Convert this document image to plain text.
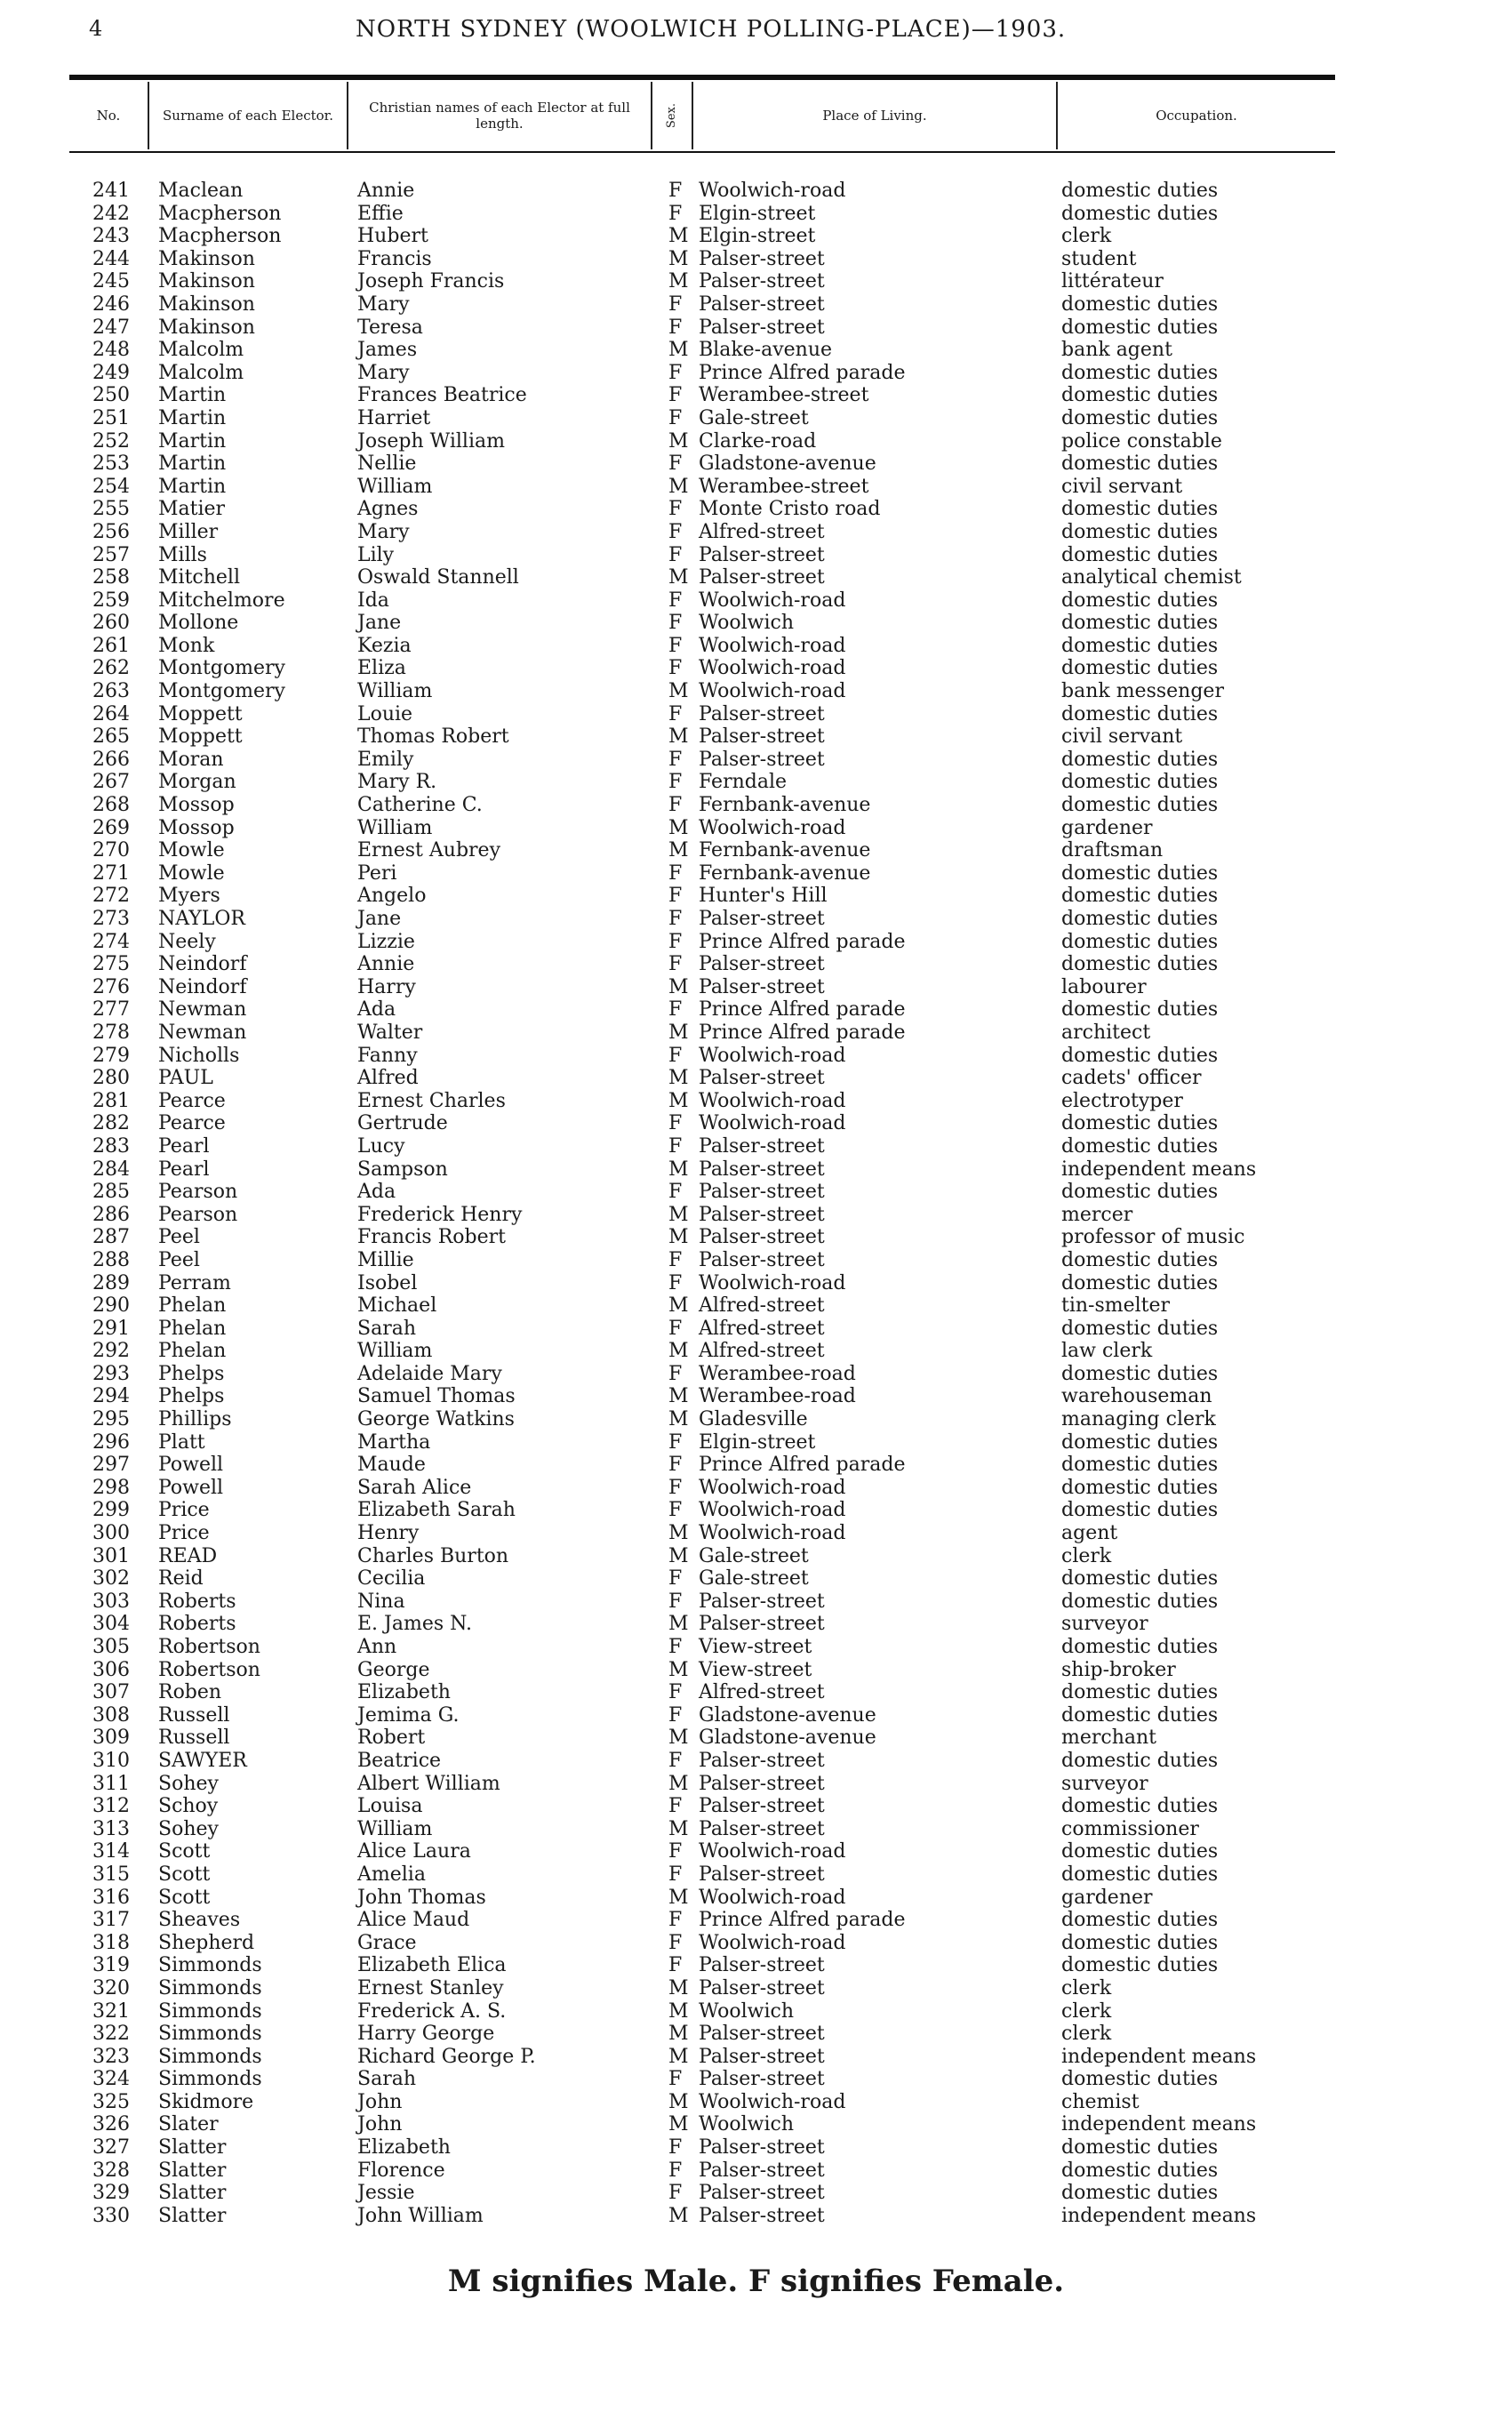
4	NORTH SYDNEY (WOOLWICH POLLING-PLACE)—1903.
No.	Surname of each Elector.	Christian names of each Elector at full length.	Sex.	Place of Living.	Occupation.
241 Maclean	Annie	F Woolwich-road	domestic duties
242 Macpherson	Effie	F Elgin-street	domestic duties
243 Macpherson	Hubert	M Elgin-street	clerk
244 Makinson	Francis	M Palser-street	student
245 Makinson	Joseph Francis	M Palser-street	littérateur
246 Makinson	Mary	F Palser-street	domestic duties
247 Makinson	Teresa	F Palser-street	domestic duties
248 Malcolm	James	M Blake-avenue	bank agent
249 Malcolm	Mary	F Prince Alfred parade	domestic duties
250 Martin	Frances Beatrice	F Werambee-street	domestic duties
251 Martin	Harriet	F Gale-street	domestic duties
252 Martin	Joseph William	M Clarke-road	police constable
253 Martin	Nellie	F Gladstone-avenue	domestic duties
254 Martin	William	M Werambee-street	civil servant
255 Matier	Agnes	F Monte Cristo road	domestic duties
256 Miller	Mary	F Alfred-street	domestic duties
257 Mills	Lily	F Palser-street	domestic duties
258 Mitchell	Oswald Stannell	M Palser-street	analytical chemist
259 Mitchelmore	Ida	F Woolwich-road	domestic duties
260 Mollone	Jane	F Woolwich	domestic duties
261 Monk	Kezia	F Woolwich-road	domestic duties
262 Montgomery	Eliza	F Woolwich-road	domestic duties
263 Montgomery	William	M Woolwich-road	bank messenger
264 Moppett	Louie	F Palser-street	domestic duties
265 Moppett	Thomas Robert	M Palser-street	civil servant
266 Moran	Emily	F Palser-street	domestic duties
267 Morgan	Mary R.	F Ferndale	domestic duties
268 Mossop	Catherine C.	F Fernbank-avenue	domestic duties
269 Mossop	William	M Woolwich-road	gardener
270 Mowle	Ernest Aubrey	M Fernbank-avenue	draftsman
271 Mowle	Peri	F Fernbank-avenue	domestic duties
272 Myers	Angelo	F Hunter's Hill	domestic duties
273 NAYLOR	Jane	F Palser-street	domestic duties
274 Neely	Lizzie	F Prince Alfred parade	domestic duties
275 Neindorf	Annie	F Palser-street	domestic duties
276 Neindorf	Harry	M Palser-street	labourer
277 Newman	Ada	F Prince Alfred parade	domestic duties
278 Newman	Walter	M Prince Alfred parade	architect
279 Nicholls	Fanny	F Woolwich-road	domestic duties
280 PAUL	Alfred	M Palser-street	cadets' officer
281 Pearce	Ernest Charles	M Woolwich-road	electrotyper
282 Pearce	Gertrude	F Woolwich-road	domestic duties
283 Pearl	Lucy	F Palser-street	domestic duties
284 Pearl	Sampson	M Palser-street	independent means
285 Pearson	Ada	F Palser-street	domestic duties
286 Pearson	Frederick Henry	M Palser-street	mercer
287 Peel	Francis Robert	M Palser-street	professor of music
288 Peel	Millie	F Palser-street	domestic duties
289 Perram	Isobel	F Woolwich-road	domestic duties
290 Phelan	Michael	M Alfred-street	tin-smelter
291 Phelan	Sarah	F Alfred-street	domestic duties
292 Phelan	William	M Alfred-street	law clerk
293 Phelps	Adelaide Mary	F Werambee-road	domestic duties
294 Phelps	Samuel Thomas	M Werambee-road	warehouseman
295 Phillips	George Watkins	M Gladesville	managing clerk
296 Platt	Martha	F Elgin-street	domestic duties
297 Powell	Maude	F Prince Alfred parade	domestic duties
298 Powell	Sarah Alice	F Woolwich-road	domestic duties
299 Price	Elizabeth Sarah	F Woolwich-road	domestic duties
300 Price	Henry	M Woolwich-road	agent
301 READ	Charles Burton	M Gale-street	clerk
302 Reid	Cecilia	F Gale-street	domestic duties
303 Roberts	Nina	F Palser-street	domestic duties
304 Roberts	E. James N.	M Palser-street	surveyor
305 Robertson	Ann	F View-street	domestic duties
306 Robertson	George	M View-street	ship-broker
307 Roben	Elizabeth	F Alfred-street	domestic duties
308 Russell	Jemima G.	F Gladstone-avenue	domestic duties
309 Russell	Robert	M Gladstone-avenue	merchant
310 SAWYER	Beatrice	F Palser-street	domestic duties
311 Sohey	Albert William	M Palser-street	surveyor
312 Schoy	Louisa	F Palser-street	domestic duties
313 Sohey	William	M Palser-street	commissioner
314 Scott	Alice Laura	F Woolwich-road	domestic duties
315 Scott	Amelia	F Palser-street	domestic duties
316 Scott	John Thomas	M Woolwich-road	gardener
317 Sheaves	Alice Maud	F Prince Alfred parade	domestic duties
318 Shepherd	Grace	F Woolwich-road	domestic duties
319 Simmonds	Elizabeth Elica	F Palser-street	domestic duties
320 Simmonds	Ernest Stanley	M Palser-street	clerk
321 Simmonds	Frederick A. S.	M Woolwich	clerk
322 Simmonds	Harry George	M Palser-street	clerk
323 Simmonds	Richard George P.	M Palser-street	independent means
324 Simmonds	Sarah	F Palser-street	domestic duties
325 Skidmore	John	M Woolwich-road	chemist
326 Slater	John	M Woolwich	independent means
327 Slatter	Elizabeth	F Palser-street	domestic duties
328 Slatter	Florence	F Palser-street	domestic duties
329 Slatter	Jessie	F Palser-street	domestic duties
330 Slatter	John William	M Palser-street	independent means
M signifies Male. F signifies Female.
